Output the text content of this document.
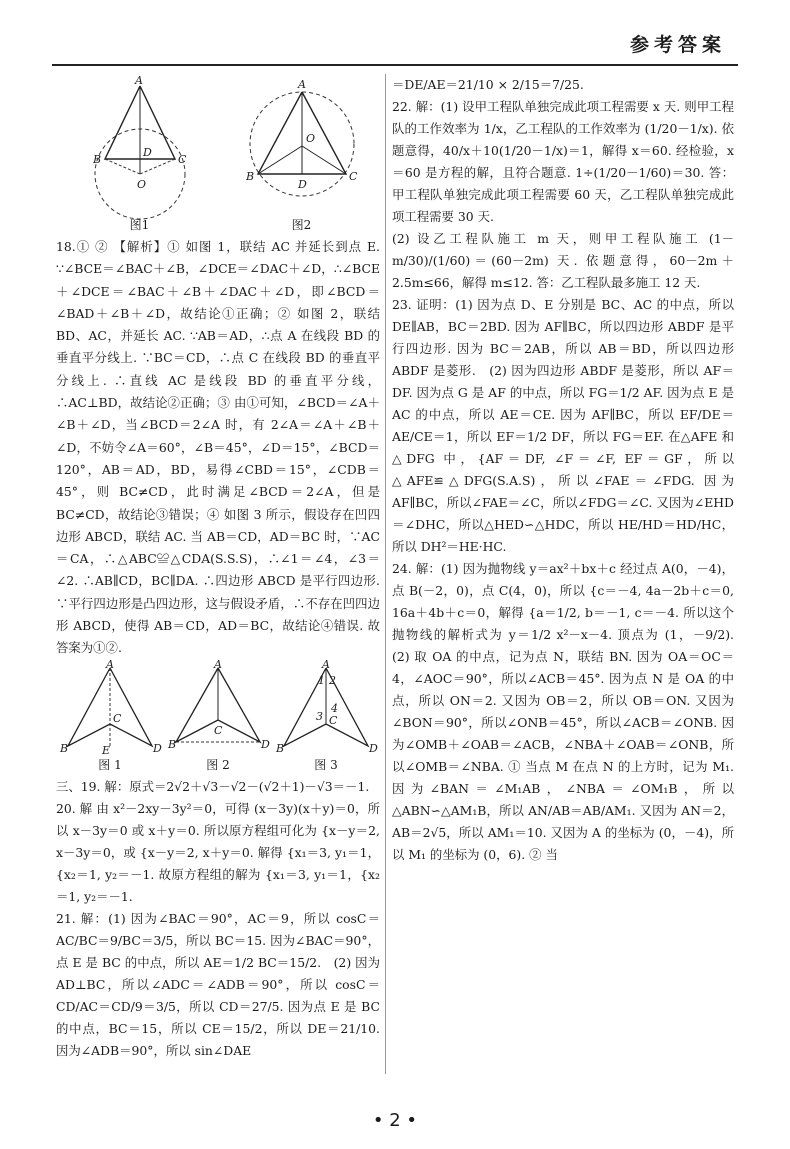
参考答案
A
B	C
D
O
图1
A
B	C
D
O
图2

18.① ② 【解析】① 如图 1，联结 AC 并延长到点 E. ∵∠BCE＝∠BAC＋∠B，∠DCE＝∠DAC＋∠D，∴∠BCE＋∠DCE＝∠BAC＋∠B＋∠DAC＋∠D，即∠BCD＝∠BAD＋∠B＋∠D，故结论①正确；② 如图 2，联结 BD、AC，并延长 AC. ∵AB＝AD，∴点 A 在线段 BD 的垂直平分线上. ∵BC＝CD，∴点 C 在线段 BD 的垂直平分线上. ∴直线 AC 是线段 BD 的垂直平分线，∴AC⊥BD，故结论②正确；③ 由①可知，∠BCD＝∠A＋∠B＋∠D，当∠BCD＝2∠A 时，有 2∠A＝∠A＋∠B＋∠D，不妨令∠A＝60°，∠B＝45°，∠D＝15°，∠BCD＝120°，AB＝AD，BD，易得∠CBD＝15°，∠CDB＝45°，则 BC≠CD，此时满足∠BCD＝2∠A，但是 BC≠CD，故结论③错误；④ 如图 3 所示，假设存在凹四边形 ABCD，联结 AC. 当 AB＝CD，AD＝BC 时，∵AC＝CA，∴△ABC≌△CDA(S.S.S)，∴∠1＝∠4，∠3＝∠2. ∴AB∥CD，BC∥DA. ∴四边形 ABCD 是平行四边形. ∵平行四边形是凸四边形，这与假设矛盾，∴不存在凹四边形 ABCD，使得 AB＝CD，AD＝BC，故结论④错误. 故答案为①②.

A
B
C
D
E
图 1
A
B
C
D
图 2
A
B
C
D
1 2
3
4
图 3

三、19. 解：原式＝2√2＋√3－√2－(√2＋1)－√3＝－1.

20. 解 由 x²－2xy－3y²＝0，可得 (x－3y)(x＋y)＝0，所以 x－3y＝0 或 x＋y＝0. 所以原方程组可化为 {x－y＝2, x－3y＝0，或 {x－y＝2, x＋y＝0. 解得 {x₁＝3, y₁＝1，{x₂＝1, y₂＝－1. 故原方程组的解为 {x₁＝3, y₁＝1，{x₂＝1, y₂＝－1.

21. 解：(1) 因为∠BAC＝90°，AC＝9，所以 cosC＝AC/BC＝9/BC＝3/5，所以 BC＝15. 因为∠BAC＝90°，点 E 是 BC 的中点，所以 AE＝1/2 BC＝15/2.　(2) 因为 AD⊥BC，所以∠ADC＝∠ADB＝90°，所以 cosC＝CD/AC＝CD/9＝3/5，所以 CD＝27/5. 因为点 E 是 BC 的中点，BC＝15，所以 CE＝15/2，所以 DE＝21/10. 因为∠ADB＝90°，所以 sin∠DAE

＝DE/AE＝21/10 × 2/15＝7/25.

22. 解：(1) 设甲工程队单独完成此项工程需要 x 天. 则甲工程队的工作效率为 1/x，乙工程队的工作效率为 (1/20－1/x). 依题意得，40/x＋10(1/20－1/x)＝1，解得 x＝60. 经检验，x＝60 是方程的解，且符合题意. 1÷(1/20－1/60)＝30. 答：甲工程队单独完成此项工程需要 60 天，乙工程队单独完成此项工程需要 30 天.

(2) 设乙工程队施工 m 天，则甲工程队施工 (1－m/30)/(1/60)＝(60－2m) 天. 依题意得，60－2m＋2.5m≤66，解得 m≤12. 答：乙工程队最多施工 12 天.

23. 证明：(1) 因为点 D、E 分别是 BC、AC 的中点，所以 DE∥AB，BC＝2BD. 因为 AF∥BC，所以四边形 ABDF 是平行四边形. 因为 BC＝2AB，所以 AB＝BD，所以四边形 ABDF 是菱形.　(2) 因为四边形 ABDF 是菱形，所以 AF＝DF. 因为点 G 是 AF 的中点，所以 FG＝1/2 AF. 因为点 E 是 AC 的中点，所以 AE＝CE. 因为 AF∥BC，所以 EF/DE＝AE/CE＝1，所以 EF＝1/2 DF，所以 FG＝EF. 在△AFE 和△DFG 中，{AF＝DF, ∠F＝∠F, EF＝GF，所以△AFE≌△DFG(S.A.S)，所以∠FAE＝∠FDG. 因为 AF∥BC，所以∠FAE＝∠C，所以∠FDG＝∠C. 又因为∠EHD＝∠DHC，所以△HED∽△HDC，所以 HE/HD＝HD/HC，所以 DH²＝HE·HC.

24. 解：(1) 因为抛物线 y＝ax²＋bx＋c 经过点 A(0，－4)，点 B(－2，0)，点 C(4，0)，所以 {c＝－4, 4a－2b＋c＝0, 16a＋4b＋c＝0，解得 {a＝1/2, b＝－1, c＝－4. 所以这个抛物线的解析式为 y＝1/2 x²－x－4. 顶点为 (1，－9/2).　(2) 取 OA 的中点，记为点 N，联结 BN. 因为 OA＝OC＝4，∠AOC＝90°，所以∠ACB＝45°. 因为点 N 是 OA 的中点，所以 ON＝2. 又因为 OB＝2，所以 OB＝ON. 又因为∠BON＝90°，所以∠ONB＝45°，所以∠ACB＝∠ONB. 因为∠OMB＋∠OAB＝∠ACB，∠NBA＋∠OAB＝∠ONB，所以∠OMB＝∠NBA. ① 当点 M 在点 N 的上方时，记为 M₁. 因为∠BAN＝∠M₁AB，∠NBA＝∠OM₁B，所以△ABN∽△AM₁B，所以 AN/AB＝AB/AM₁. 又因为 AN＝2，AB＝2√5，所以 AM₁＝10. 又因为 A 的坐标为 (0，－4)，所以 M₁ 的坐标为 (0，6). ② 当

• 2 •
